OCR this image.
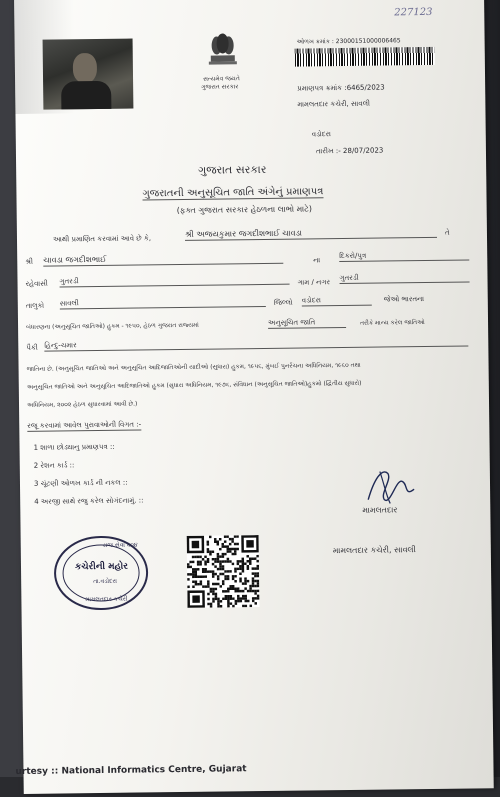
227123
સત્યમેવ જયતે
ગુજરાત સરકાર
ઓળખ ક્રમાંક : 23000151000006465
પ્રમાણપત્ર ક્રમાંક :6465/2023
મામલતદાર કચેરી, સાવલી
વડોદરા
તારીખ :- 28/07/2023
ગુજરાત સરકાર
ગુજરાતની અનુસૂચિત જાતિ અંગેનું પ્રમાણપત્ર
(ફક્ત ગુજરાત સરકાર હેઠળના લાભો માટે)
આથી પ્રમાણિત કરવામાં આવે છે કે,
શ્રી અજયકુમાર જગદીશભાઈ ચાવડા	તે
શ્રી ચાવડા જગદીશભાઈ	ના
દિકરો/પુત્ર
રહેવાસી ગુતરડી	ગામ / નગર
ગુતરડી
તાલુકો સાવલી	જિલ્લો વડોદરા	જેઓ ભારતના
બંધારણના (અનુસૂચિત જાતિઓ) હુકમ - ૧૯૫૦, હેઠળ ગુજરાત રાજ્યમાં	અનુસૂચિત જાતિ	તરીકે માન્ય કરેલ જાતિઓ
પૈકી હિન્દુ-ચમાર
જાતિના છે. (અનુસૂચિત જાતિઓ અને અનુસૂચિત આદિજાતિઓની યાદીઓ (સુધારા) હુકમ, ૧૯૫૬, મુંબઈ પુનર્રચના અધિનિયમ, ૧૯૬૦ તથા
અનુસૂચિત જાતિઓ અને અનુસૂચિત આદિજાતિઓ હુકમ (સુધારા અધિનિયમ, ૧૯૭૬, સંવિધાન (અનુસૂચિત જાતિઓ)હુકમો (દ્વિતીય સુધારો)
અધિનિયમ, ૨૦૦૨ હેઠળ સુધારવામાં આવી છે.)
રજૂ કરવામાં આવેલ પુરાવાઓની વિગત :-
1 શાળા છોડ્યાનુ પ્રમાણપત્ર ::
2 રેશન કાર્ડ ::
3 ચૂંટણી ઓળખ કાર્ડ ની નકલ ::
4 અરજી સાથે રજુ કરેલ સોગંદનામું. ::
મામલતદાર
મામલતદાર કચેરી, સાવલી
રાજ સેવા ૬૦૪
કચેરીની મહોર
તા.વડોદરા
મામલતદાર કચેરી
urtesy :: National Informatics Centre, Gujarat
